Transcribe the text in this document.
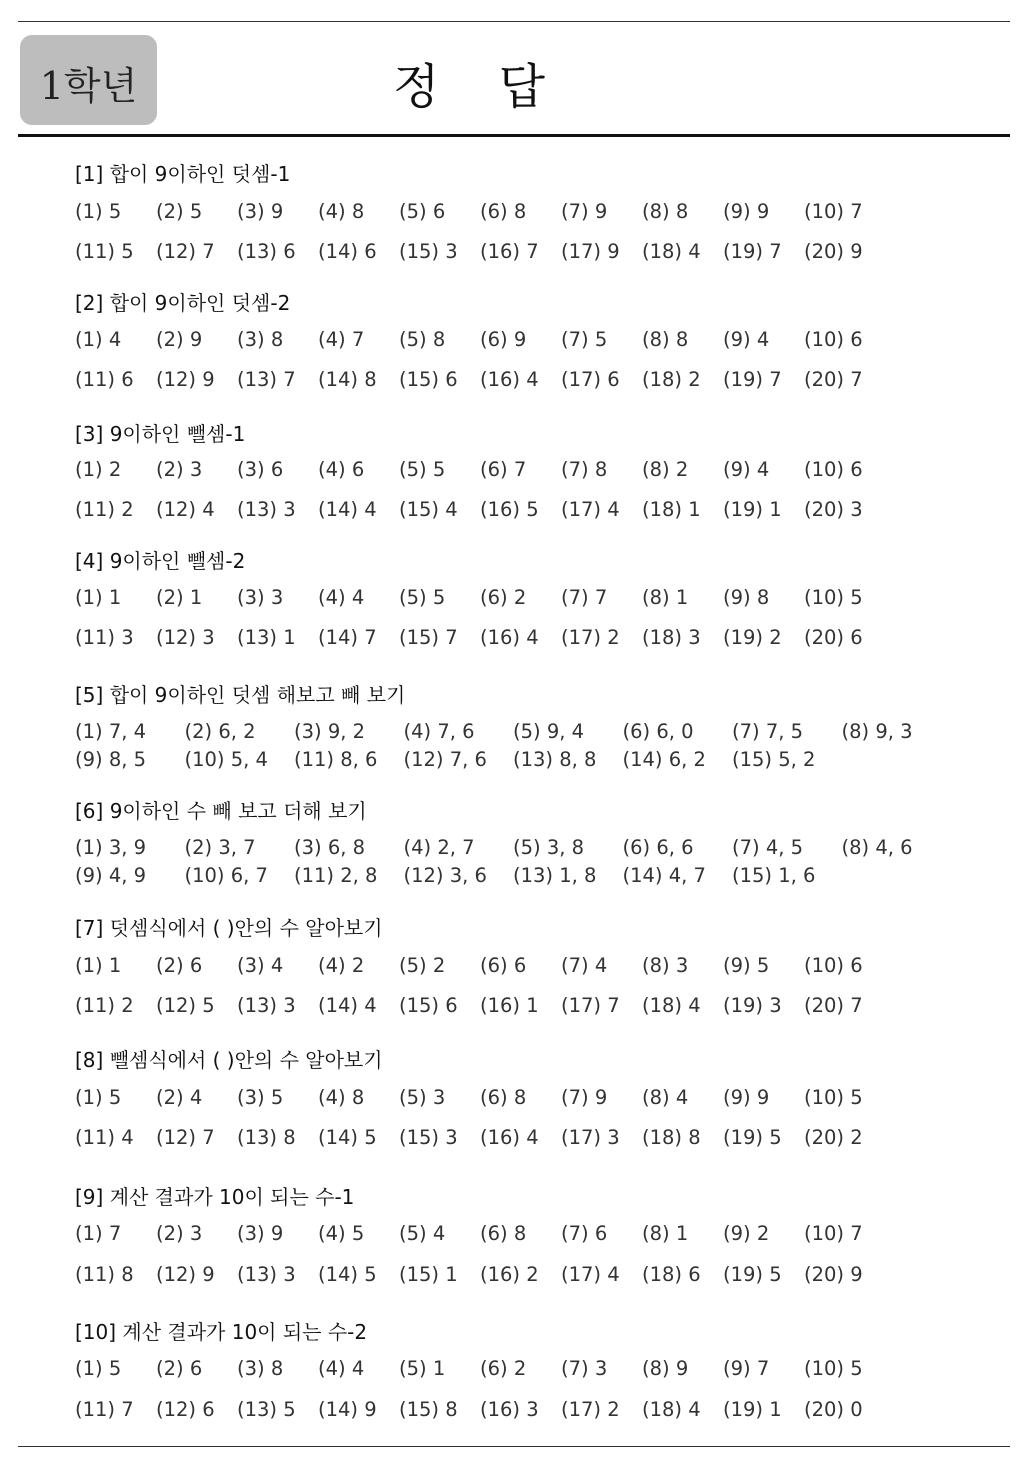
1학년	정 답
[1] 합이 9이하인 덧셈-1
(1) 5 (2) 5 (3) 9 (4) 8 (5) 6 (6) 8 (7) 9 (8) 8 (9) 9 (10) 7
(11) 5 (12) 7 (13) 6 (14) 6 (15) 3 (16) 7 (17) 9 (18) 4 (19) 7 (20) 9
[2] 합이 9이하인 덧셈-2
(1) 4 (2) 9 (3) 8 (4) 7 (5) 8 (6) 9 (7) 5 (8) 8 (9) 4 (10) 6
(11) 6 (12) 9 (13) 7 (14) 8 (15) 6 (16) 4 (17) 6 (18) 2 (19) 7 (20) 7
[3] 9이하인 뺄셈-1
(1) 2 (2) 3 (3) 6 (4) 6 (5) 5 (6) 7 (7) 8 (8) 2 (9) 4 (10) 6
(11) 2 (12) 4 (13) 3 (14) 4 (15) 4 (16) 5 (17) 4 (18) 1 (19) 1 (20) 3
[4] 9이하인 뺄셈-2
(1) 1 (2) 1 (3) 3 (4) 4 (5) 5 (6) 2 (7) 7 (8) 1 (9) 8 (10) 5
(11) 3 (12) 3 (13) 1 (14) 7 (15) 7 (16) 4 (17) 2 (18) 3 (19) 2 (20) 6
[5] 합이 9이하인 덧셈 해보고 빼 보기
(1) 7, 4 (2) 6, 2 (3) 9, 2 (4) 7, 6 (5) 9, 4 (6) 6, 0 (7) 7, 5 (8) 9, 3
(9) 8, 5 (10) 5, 4 (11) 8, 6 (12) 7, 6 (13) 8, 8 (14) 6, 2 (15) 5, 2
[6] 9이하인 수 빼 보고 더해 보기
(1) 3, 9 (2) 3, 7 (3) 6, 8 (4) 2, 7 (5) 3, 8 (6) 6, 6 (7) 4, 5 (8) 4, 6
(9) 4, 9 (10) 6, 7 (11) 2, 8 (12) 3, 6 (13) 1, 8 (14) 4, 7 (15) 1, 6
[7] 덧셈식에서 ( )안의 수 알아보기
(1) 1 (2) 6 (3) 4 (4) 2 (5) 2 (6) 6 (7) 4 (8) 3 (9) 5 (10) 6
(11) 2 (12) 5 (13) 3 (14) 4 (15) 6 (16) 1 (17) 7 (18) 4 (19) 3 (20) 7
[8] 뺄셈식에서 ( )안의 수 알아보기
(1) 5 (2) 4 (3) 5 (4) 8 (5) 3 (6) 8 (7) 9 (8) 4 (9) 9 (10) 5
(11) 4 (12) 7 (13) 8 (14) 5 (15) 3 (16) 4 (17) 3 (18) 8 (19) 5 (20) 2
[9] 계산 결과가 10이 되는 수-1
(1) 7 (2) 3 (3) 9 (4) 5 (5) 4 (6) 8 (7) 6 (8) 1 (9) 2 (10) 7
(11) 8 (12) 9 (13) 3 (14) 5 (15) 1 (16) 2 (17) 4 (18) 6 (19) 5 (20) 9
[10] 계산 결과가 10이 되는 수-2
(1) 5 (2) 6 (3) 8 (4) 4 (5) 1 (6) 2 (7) 3 (8) 9 (9) 7 (10) 5
(11) 7 (12) 6 (13) 5 (14) 9 (15) 8 (16) 3 (17) 2 (18) 4 (19) 1 (20) 0
